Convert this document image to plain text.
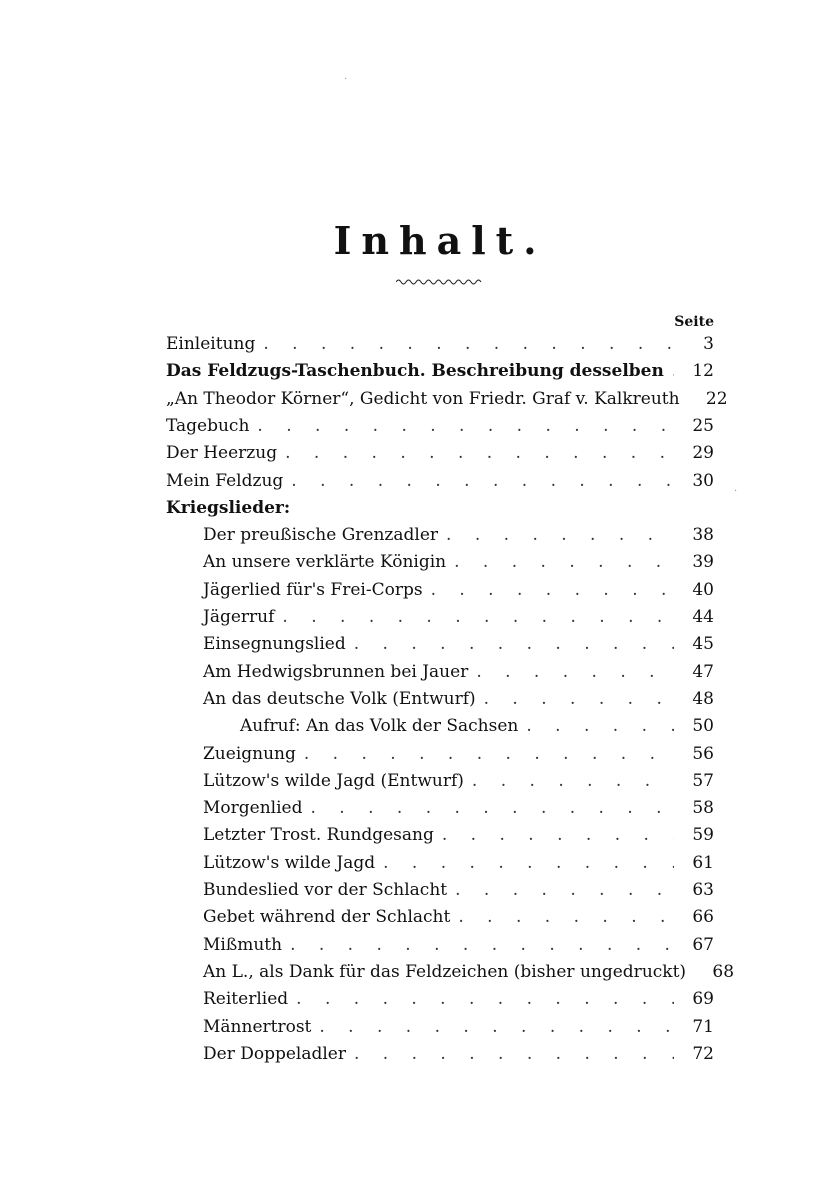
Inhalt.
Seite
Einleitung . . .	3
Das Feldzugs-Taschenbuch. Beschreibung desselben . . .	12
„An Theodor Körner“, Gedicht von Friedr. Graf v. Kalkreuth	22
Tagebuch . . .	25
Der Heerzug . . .	29
Mein Feldzug . . .	30
Kriegslieder:
Der preußische Grenzadler . . .	38
An unsere verklärte Königin . . .	39
Jägerlied für's Frei-Corps . . .	40
Jägerruf . . .	44
Einsegnungslied . . .	45
Am Hedwigsbrunnen bei Jauer . . .	47
An das deutsche Volk (Entwurf) . . .	48
Aufruf: An das Volk der Sachsen . . .	50
Zueignung . . .	56
Lützow's wilde Jagd (Entwurf) . . .	57
Morgenlied . . .	58
Letzter Trost. Rundgesang . . .	59
Lützow's wilde Jagd . . .	61
Bundeslied vor der Schlacht . . .	63
Gebet während der Schlacht . . .	66
Mißmuth . . .	67
An L., als Dank für das Feldzeichen (bisher ungedruckt)	68
Reiterlied . . .	69
Männertrost . . .	71
Der Doppeladler . . .	72
·
·
